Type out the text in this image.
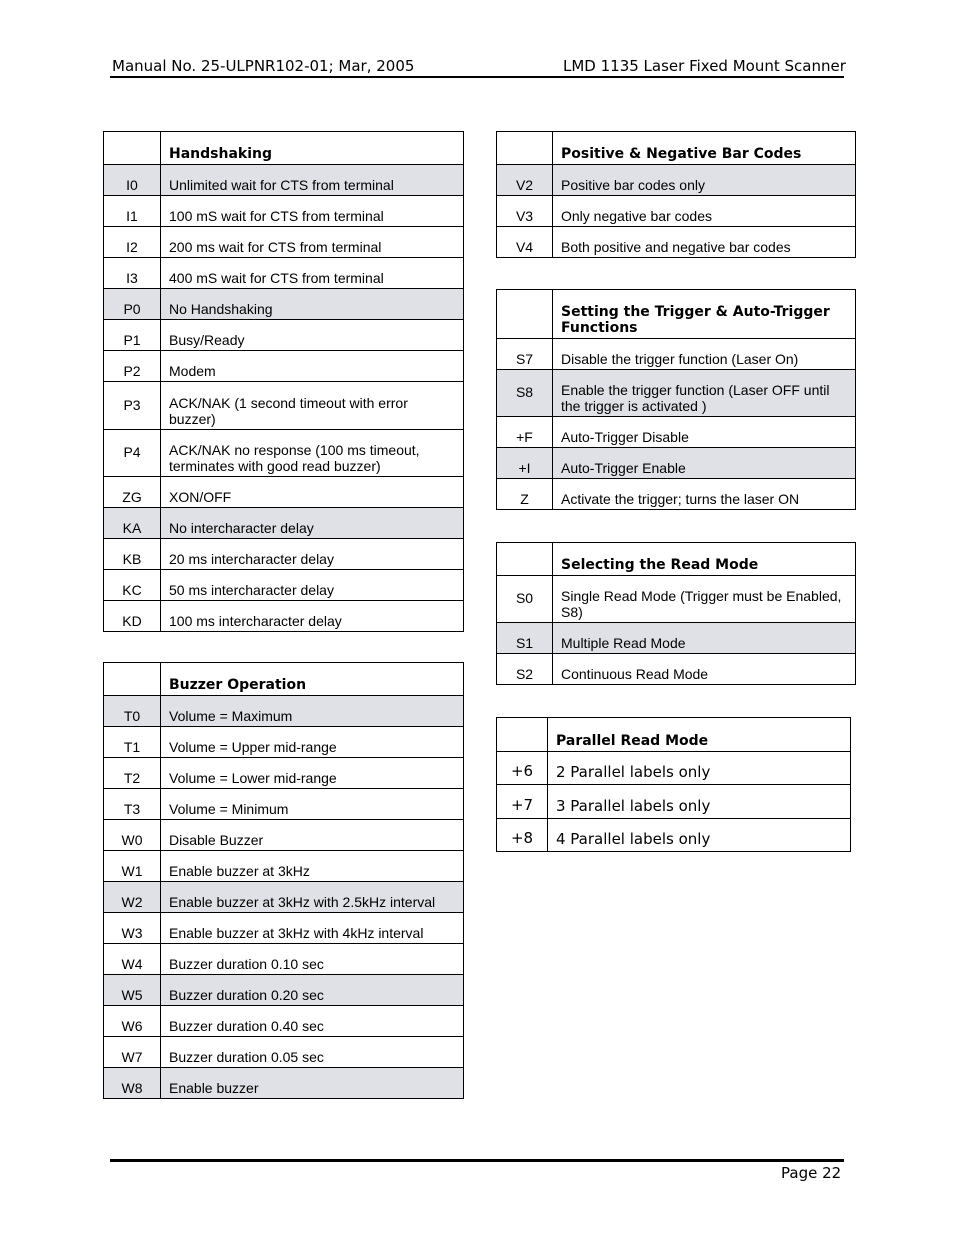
Manual No. 25-ULPNR102-01; Mar, 2005	LMD 1135 Laser Fixed Mount Scanner
	Handshaking
I0	Unlimited wait for CTS from terminal
I1	100 mS wait for CTS from terminal
I2	200 ms wait for CTS from terminal
I3	400 mS wait for CTS from terminal
P0	No Handshaking
P1	Busy/Ready
P2	Modem
P3	ACK/NAK (1 second timeout with error buzzer)
P4	ACK/NAK no response (100 ms timeout, terminates with good read buzzer)
ZG	XON/OFF
KA	No intercharacter delay
KB	20 ms intercharacter delay
KC	50 ms intercharacter delay
KD	100 ms intercharacter delay
	Buzzer Operation
T0	Volume = Maximum
T1	Volume = Upper mid-range
T2	Volume = Lower mid-range
T3	Volume = Minimum
W0	Disable Buzzer
W1	Enable buzzer at 3kHz
W2	Enable buzzer at 3kHz with 2.5kHz interval
W3	Enable buzzer at 3kHz with 4kHz interval
W4	Buzzer duration 0.10 sec
W5	Buzzer duration 0.20 sec
W6	Buzzer duration 0.40 sec
W7	Buzzer duration 0.05 sec
W8	Enable buzzer
	Positive & Negative Bar Codes
V2	Positive bar codes only
V3	Only negative bar codes
V4	Both positive and negative bar codes
	Setting the Trigger & Auto-Trigger Functions
S7	Disable the trigger function (Laser On)
S8	Enable the trigger function (Laser OFF until the trigger is activated )
+F	Auto-Trigger Disable
+I	Auto-Trigger Enable
Z	Activate the trigger; turns the laser ON
	Selecting the Read Mode
S0	Single Read Mode (Trigger must be Enabled, S8)
S1	Multiple Read Mode
S2	Continuous Read Mode
	Parallel Read Mode
+6	2 Parallel labels only
+7	3 Parallel labels only
+8	4 Parallel labels only
Page 22
